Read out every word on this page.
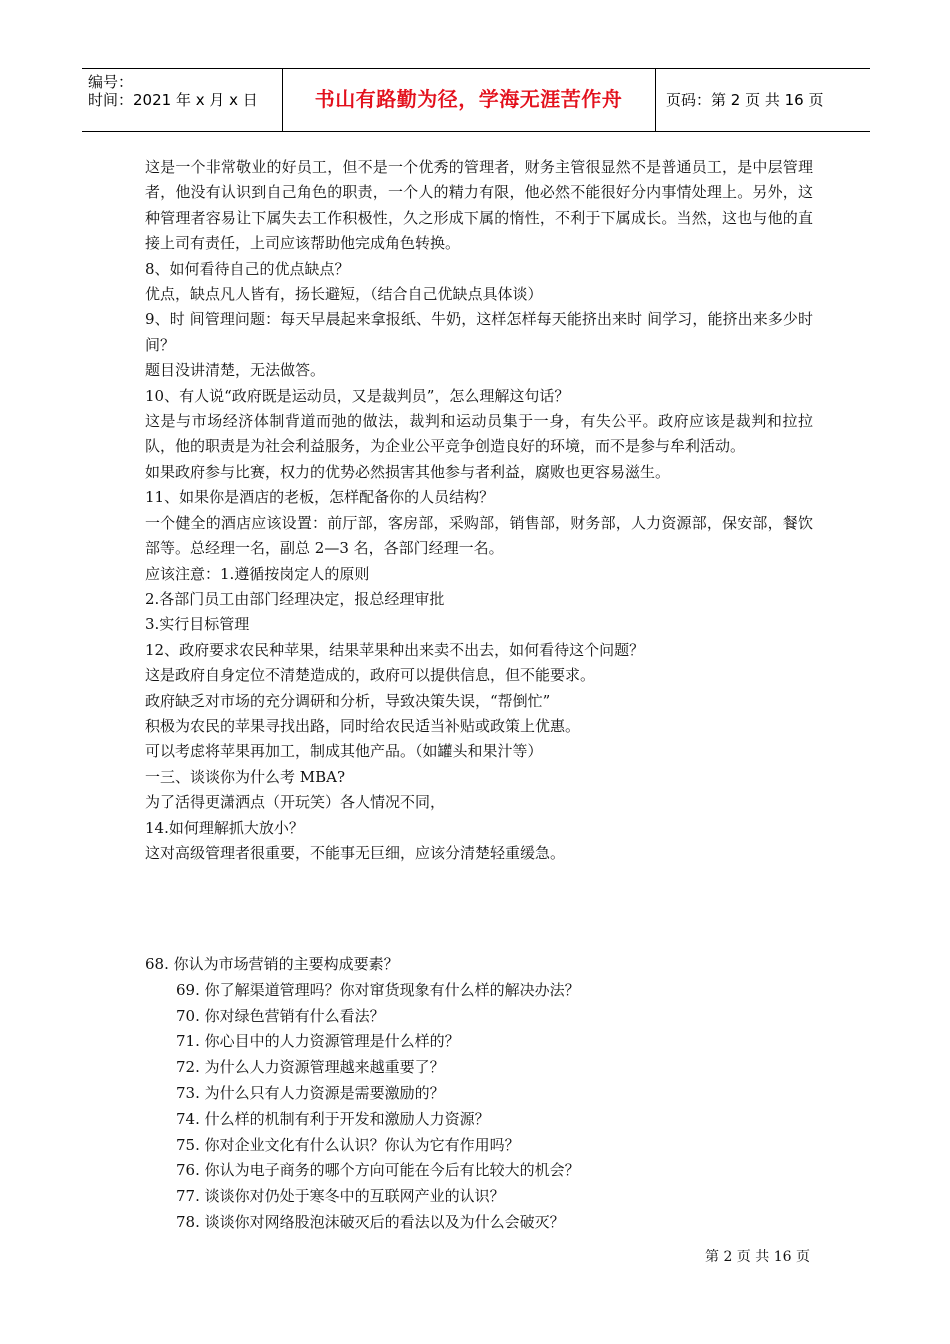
编号：
时间：2021 年 x 月 x 日	书山有路勤为径，学海无涯苦作舟	页码：第 2 页 共 16 页

这是一个非常敬业的好员工，但不是一个优秀的管理者，财务主管很显然不是普通员工，是中层管理者，他没有认识到自己角色的职责，一个人的精力有限，他必然不能很好分内事情处理上。另外，这种管理者容易让下属失去工作积极性，久之形成下属的惰性，不利于下属成长。当然，这也与他的直接上司有责任，上司应该帮助他完成角色转换。

8、如何看待自己的优点缺点？

优点，缺点凡人皆有，扬长避短，（结合自己优缺点具体谈）

9、时 间管理问题：每天早晨起来拿报纸、牛奶，这样怎样每天能挤出来时 间学习，能挤出来多少时 间？

题目没讲清楚，无法做答。

10、有人说“政府既是运动员，又是裁判员”，怎么理解这句话？

这是与市场经济体制背道而弛的做法，裁判和运动员集于一身，有失公平。政府应该是裁判和拉拉队，他的职责是为社会利益服务，为企业公平竞争创造良好的环境，而不是参与牟利活动。

如果政府参与比赛，权力的优势必然损害其他参与者利益，腐败也更容易滋生。

11、如果你是酒店的老板，怎样配备你的人员结构？

一个健全的酒店应该设置：前厅部，客房部，采购部，销售部，财务部，人力资源部，保安部，餐饮部等。总经理一名，副总 2—3 名，各部门经理一名。

应该注意：1.遵循按岗定人的原则

2.各部门员工由部门经理决定，报总经理审批

3.实行目标管理

12、政府要求农民种苹果，结果苹果种出来卖不出去，如何看待这个问题？

这是政府自身定位不清楚造成的，政府可以提供信息，但不能要求。

政府缺乏对市场的充分调研和分析，导致决策失误，“帮倒忙”

积极为农民的苹果寻找出路，同时给农民适当补贴或政策上优惠。

可以考虑将苹果再加工，制成其他产品。（如罐头和果汁等）

一三、谈谈你为什么考 MBA?

为了活得更潇洒点（开玩笑）各人情况不同，

14.如何理解抓大放小？

这对高级管理者很重要，不能事无巨细，应该分清楚轻重缓急。

68. 你认为市场营销的主要构成要素？

69. 你了解渠道管理吗？你对窜货现象有什么样的解决办法？

70. 你对绿色营销有什么看法？

71. 你心目中的人力资源管理是什么样的？

72. 为什么人力资源管理越来越重要了？

73. 为什么只有人力资源是需要激励的？

74. 什么样的机制有利于开发和激励人力资源？

75. 你对企业文化有什么认识？你认为它有作用吗？

76. 你认为电子商务的哪个方向可能在今后有比较大的机会？

77. 谈谈你对仍处于寒冬中的互联网产业的认识？

78. 谈谈你对网络股泡沫破灭后的看法以及为什么会破灭？

第 2 页 共 16 页
